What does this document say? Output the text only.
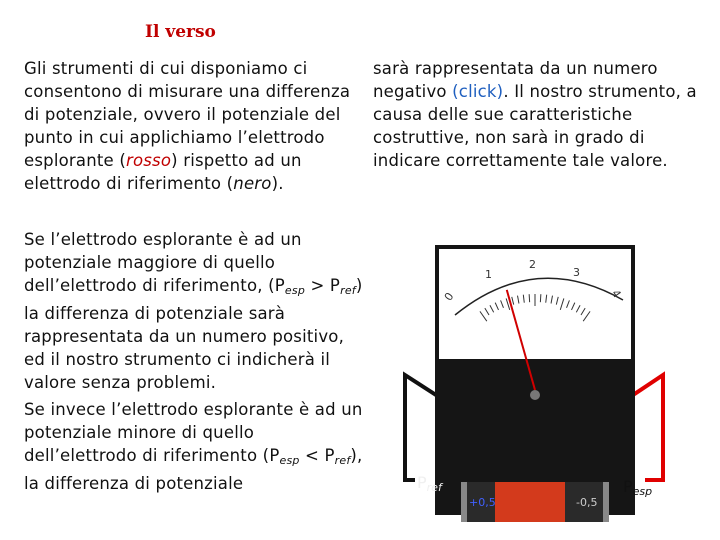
Il verso
Gli strumenti di cui disponiamo ci consentono di misurare una differenza di potenziale, ovvero il potenziale del punto in cui applichiamo l’elettrodo esplorante (rosso) rispetto ad un elettrodo di riferimento (nero).
sarà rappresentata da un numero negativo (click). Il nostro strumento, a causa delle sue caratteristiche costruttive, non sarà in grado di indicare correttamente tale valore.
Se l’elettrodo esplorante è ad un potenziale maggiore di quello dell’elettrodo di riferimento, $(P_{esp} > P_{ref})$ la differenza di potenziale sarà rappresentata da un numero positivo, ed il nostro strumento ci indicherà il valore senza problemi.
Se invece l’elettrodo esplorante è ad un potenziale minore di quello dell’elettrodo di riferimento $(P_{esp} < P_{ref})$, la differenza di potenziale
0
1
2
3
4
Pref	Pesp
+0,5	-0,5
